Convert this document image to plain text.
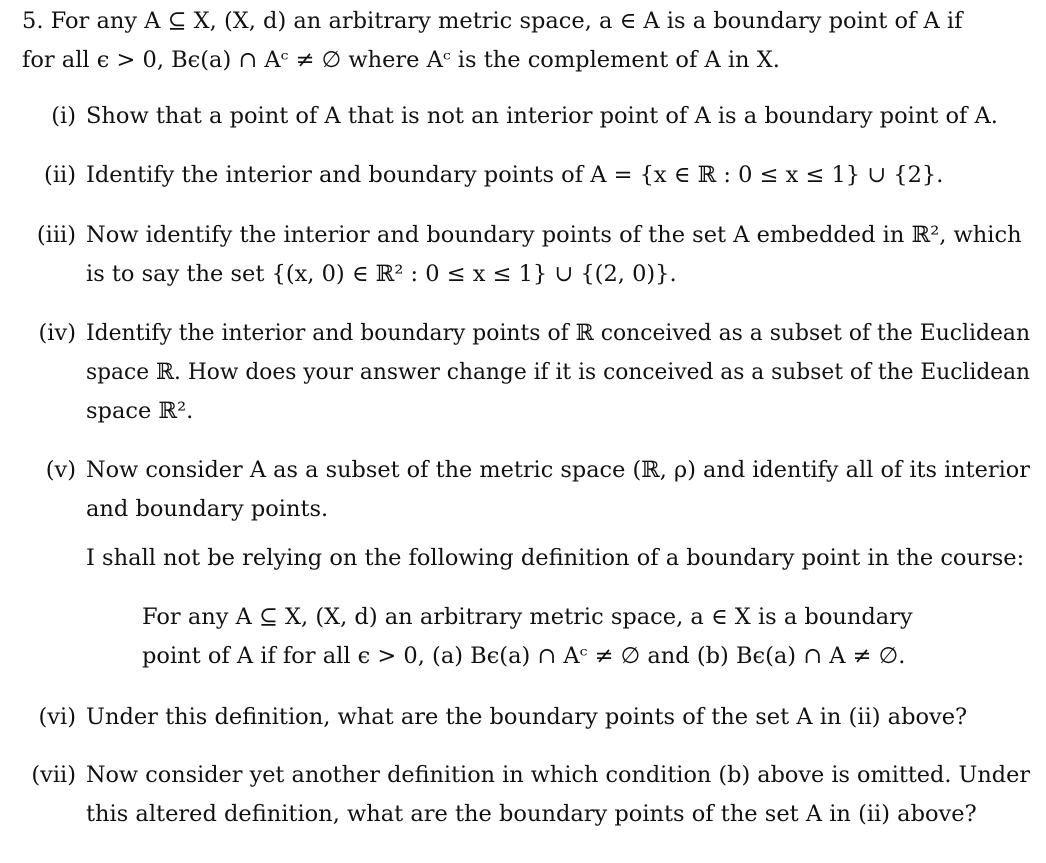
5. For any A ⊆ X, (X, d) an arbitrary metric space, a ∈ A is a boundary point of A if
for all ϵ > 0, Bϵ(a) ∩ Aᶜ ≠ ∅ where Aᶜ is the complement of A in X.
(i) Show that a point of A that is not an interior point of A is a boundary point of A.
(ii) Identify the interior and boundary points of A = {x ∈ ℝ : 0 ≤ x ≤ 1} ∪ {2}.
(iii) Now identify the interior and boundary points of the set A embedded in ℝ², which
is to say the set {(x, 0) ∈ ℝ² : 0 ≤ x ≤ 1} ∪ {(2, 0)}.
(iv) Identify the interior and boundary points of ℝ conceived as a subset of the Euclidean
space ℝ. How does your answer change if it is conceived as a subset of the Euclidean
space ℝ².
(v) Now consider A as a subset of the metric space (ℝ, ρ) and identify all of its interior
and boundary points.
I shall not be relying on the following definition of a boundary point in the course:
For any A ⊆ X, (X, d) an arbitrary metric space, a ∈ X is a boundary
point of A if for all ϵ > 0, (a) Bϵ(a) ∩ Aᶜ ≠ ∅ and (b) Bϵ(a) ∩ A ≠ ∅.
(vi) Under this definition, what are the boundary points of the set A in (ii) above?
(vii) Now consider yet another definition in which condition (b) above is omitted. Under
this altered definition, what are the boundary points of the set A in (ii) above?
